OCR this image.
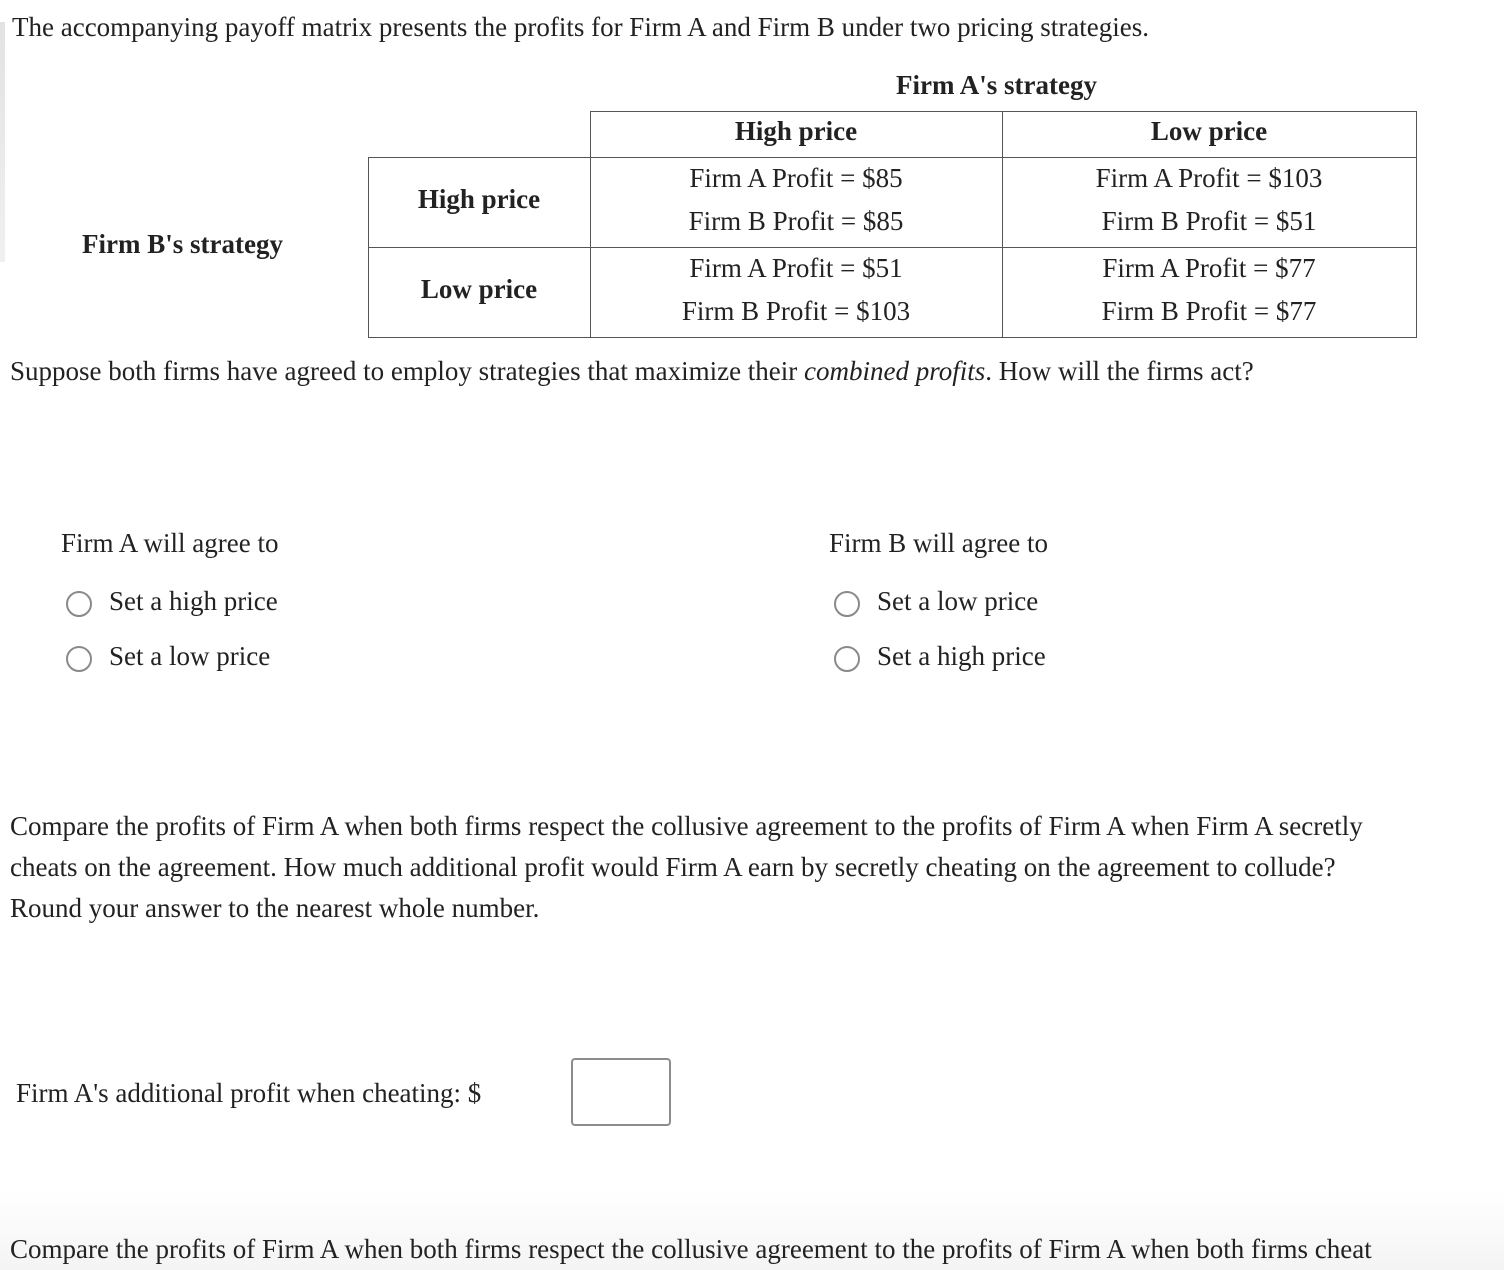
The accompanying payoff matrix presents the profits for Firm A and Firm B under two pricing strategies.
Firm A's strategy
Firm B's strategy
High price	Low price
High price
Low price
Firm A Profit = $85
Firm B Profit = $85
Firm A Profit = $103
Firm B Profit = $51
Firm A Profit = $51
Firm B Profit = $103
Firm A Profit = $77
Firm B Profit = $77
Suppose both firms have agreed to employ strategies that maximize their combined profits. How will the firms act?
Firm A will agree to
Set a high price
Set a low price
Firm B will agree to
Set a low price
Set a high price
Compare the profits of Firm A when both firms respect the collusive agreement to the profits of Firm A when Firm A secretly
cheats on the agreement. How much additional profit would Firm A earn by secretly cheating on the agreement to collude?
Round your answer to the nearest whole number.
Firm A's additional profit when cheating: $
Compare the profits of Firm A when both firms respect the collusive agreement to the profits of Firm A when both firms cheat
